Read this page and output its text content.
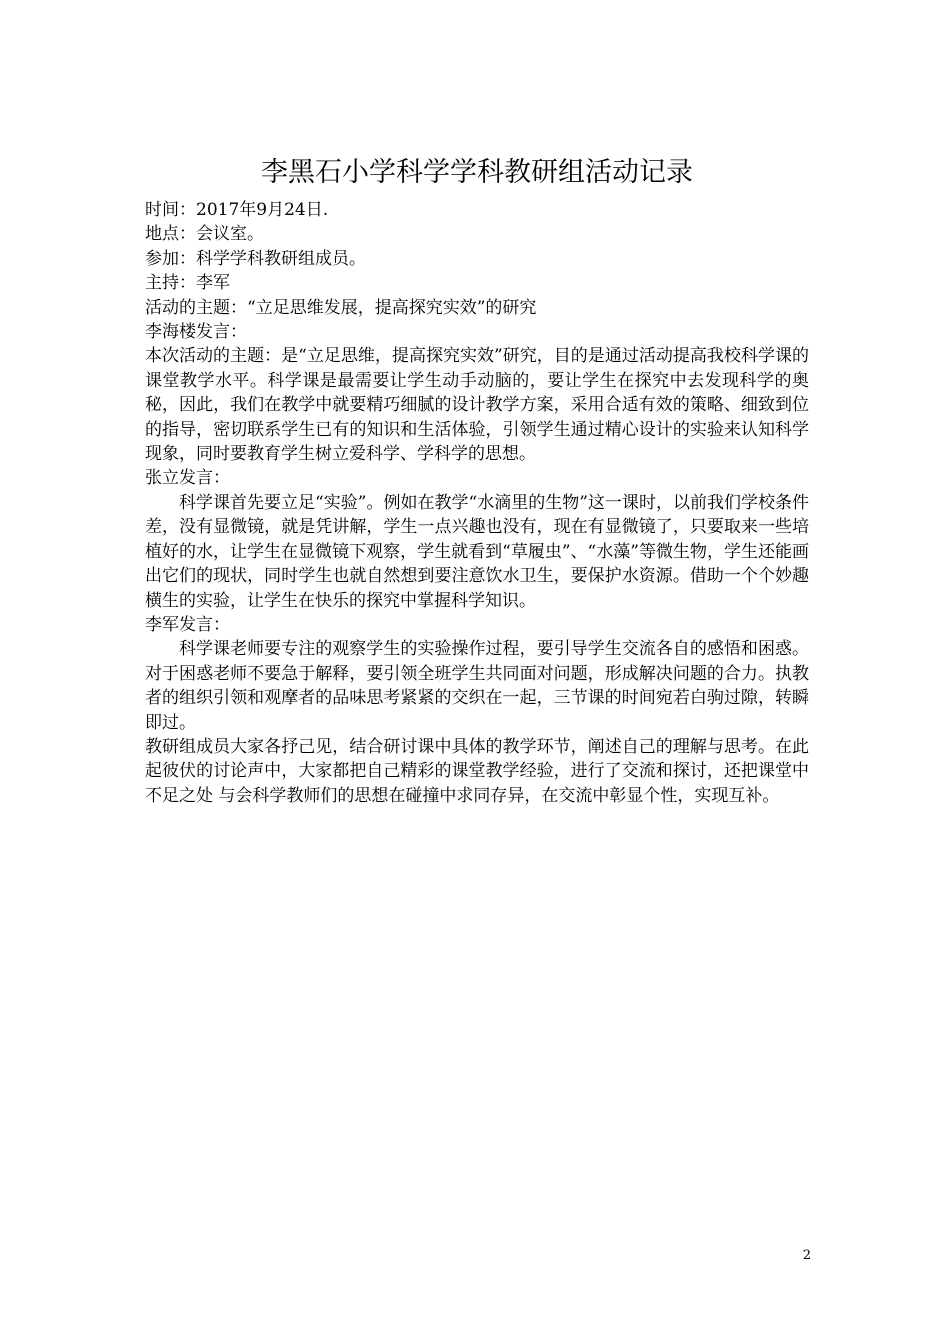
李黑石小学科学学科教研组活动记录

时间：2017年9月24日.

地点：会议室。

参加：科学学科教研组成员。

主持：李军

活动的主题：“立足思维发展，提高探究实效”的研究

李海楼发言：

本次活动的主题：是“立足思维，提高探究实效”研究，目的是通过活动提高我校科学课的课堂教学水平。科学课是最需要让学生动手动脑的，要让学生在探究中去发现科学的奥秘，因此，我们在教学中就要精巧细腻的设计教学方案，采用合适有效的策略、细致到位的指导，密切联系学生已有的知识和生活体验，引领学生通过精心设计的实验来认知科学现象，同时要教育学生树立爱科学、学科学的思想。

张立发言：

科学课首先要立足“实验”。例如在教学“水滴里的生物”这一课时，以前我们学校条件差，没有显微镜，就是凭讲解，学生一点兴趣也没有，现在有显微镜了，只要取来一些培植好的水，让学生在显微镜下观察，学生就看到“草履虫”、“水藻”等微生物，学生还能画出它们的现状，同时学生也就自然想到要注意饮水卫生，要保护水资源。借助一个个妙趣横生的实验，让学生在快乐的探究中掌握科学知识。

李军发言：

科学课老师要专注的观察学生的实验操作过程，要引导学生交流各自的感悟和困惑。对于困惑老师不要急于解释，要引领全班学生共同面对问题，形成解决问题的合力。执教者的组织引领和观摩者的品味思考紧紧的交织在一起，三节课的时间宛若白驹过隙，转瞬即过。

教研组成员大家各抒己见，结合研讨课中具体的教学环节，阐述自己的理解与思考。在此起彼伏的讨论声中，大家都把自己精彩的课堂教学经验，进行了交流和探讨，还把课堂中不足之处 与会科学教师们的思想在碰撞中求同存异，在交流中彰显个性，实现互补。

2
